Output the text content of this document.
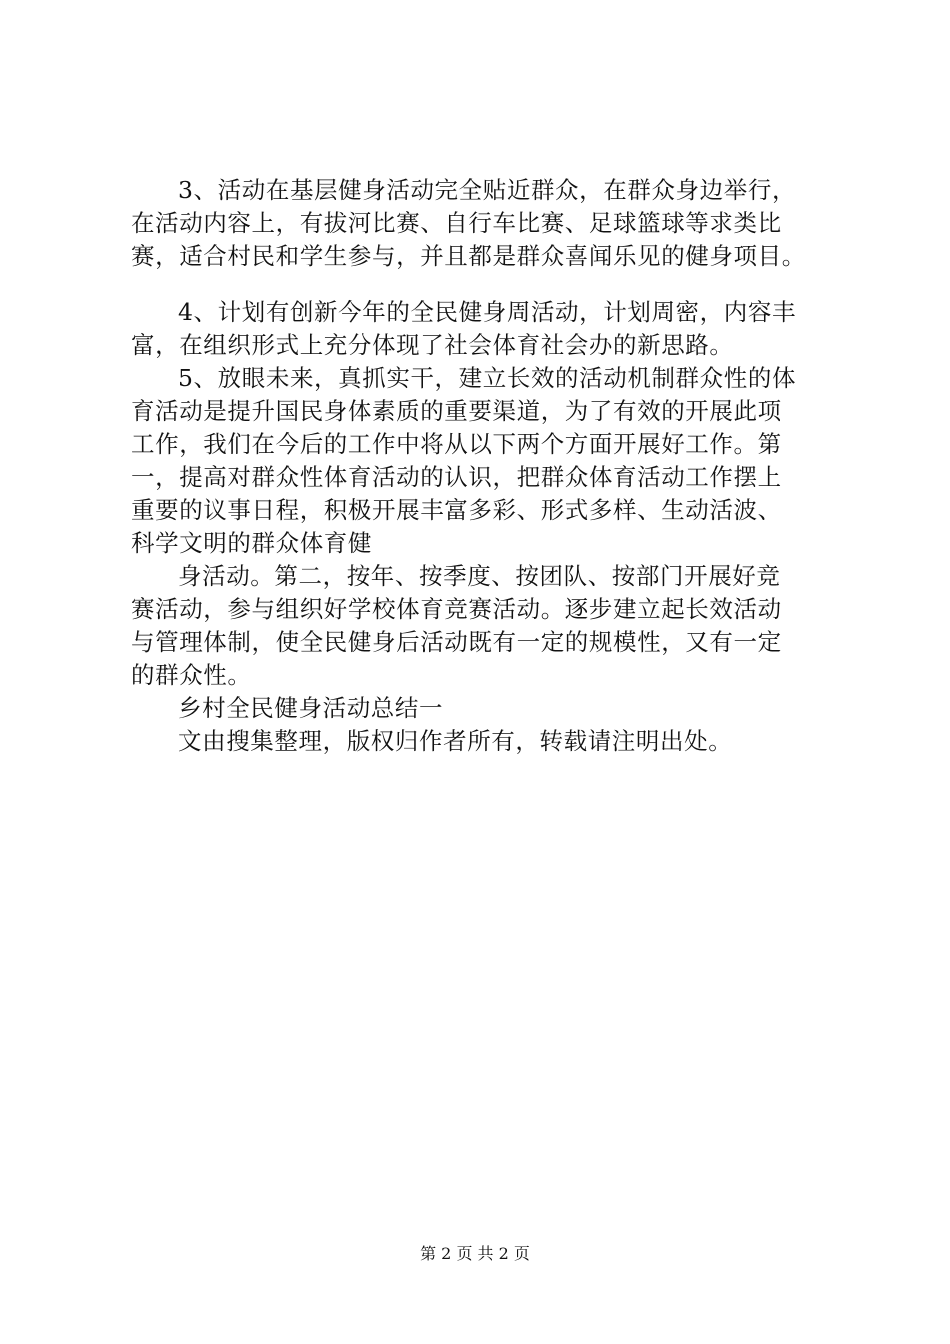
3、活动在基层健身活动完全贴近群众，在群众身边举行，
在活动内容上，有拔河比赛、自行车比赛、足球篮球等求类比
赛，适合村民和学生参与，并且都是群众喜闻乐见的健身项目。
4、计划有创新今年的全民健身周活动，计划周密，内容丰
富，在组织形式上充分体现了社会体育社会办的新思路。
5、放眼未来，真抓实干，建立长效的活动机制群众性的体
育活动是提升国民身体素质的重要渠道，为了有效的开展此项
工作，我们在今后的工作中将从以下两个方面开展好工作。第
一，提高对群众性体育活动的认识，把群众体育活动工作摆上
重要的议事日程，积极开展丰富多彩、形式多样、生动活波、
科学文明的群众体育健
身活动。第二，按年、按季度、按团队、按部门开展好竞
赛活动，参与组织好学校体育竞赛活动。逐步建立起长效活动
与管理体制，使全民健身后活动既有一定的规模性，又有一定
的群众性。
乡村全民健身活动总结一
文由搜集整理，版权归作者所有，转载请注明出处。
第 2 页 共 2 页
